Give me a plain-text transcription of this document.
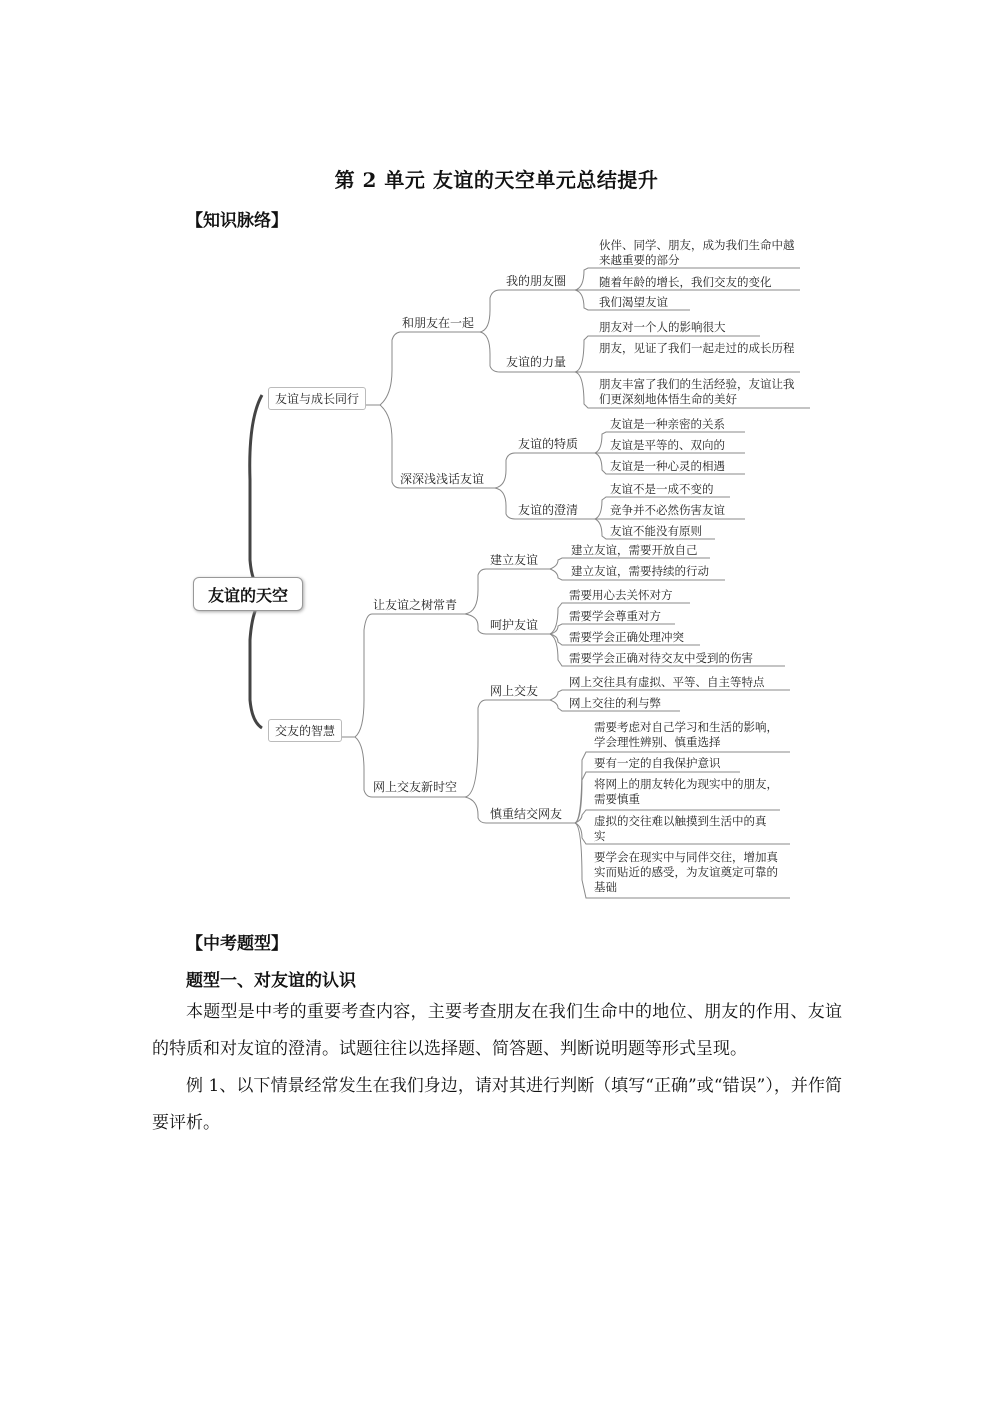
第 2 单元 友谊的天空单元总结提升
【知识脉络】
友谊的天空
友谊与成长同行
和朋友在一起
我的朋友圈
伙伴、同学、朋友，成为我们生命中越来越重要的部分
随着年龄的增长，我们交友的变化
我们渴望友谊
友谊的力量
朋友对一个人的影响很大
朋友，见证了我们一起走过的成长历程
朋友丰富了我们的生活经验，友谊让我们更深刻地体悟生命的美好
深深浅浅话友谊
友谊的特质
友谊是一种亲密的关系
友谊是平等的、双向的
友谊是一种心灵的相遇
友谊的澄清
友谊不是一成不变的
竞争并不必然伤害友谊
友谊不能没有原则
交友的智慧
让友谊之树常青
建立友谊
建立友谊，需要开放自己
建立友谊，需要持续的行动
呵护友谊
需要用心去关怀对方
需要学会尊重对方
需要学会正确处理冲突
需要学会正确对待交友中受到的伤害
网上交友新时空
网上交友
网上交往具有虚拟、平等、自主等特点
网上交往的利与弊
慎重结交网友
需要考虑对自己学习和生活的影响，学会理性辨别、慎重选择
要有一定的自我保护意识
将网上的朋友转化为现实中的朋友，需要慎重
虚拟的交往难以触摸到生活中的真实
要学会在现实中与同伴交往，增加真实而贴近的感受，为友谊奠定可靠的基础
【中考题型】
题型一、对友谊的认识
本题型是中考的重要考查内容，主要考查朋友在我们生命中的地位、朋友的作用、友谊的特质和对友谊的澄清。试题往往以选择题、简答题、判断说明题等形式呈现。
例 1、以下情景经常发生在我们身边，请对其进行判断（填写“正确”或“错误”），并作简要评析。
